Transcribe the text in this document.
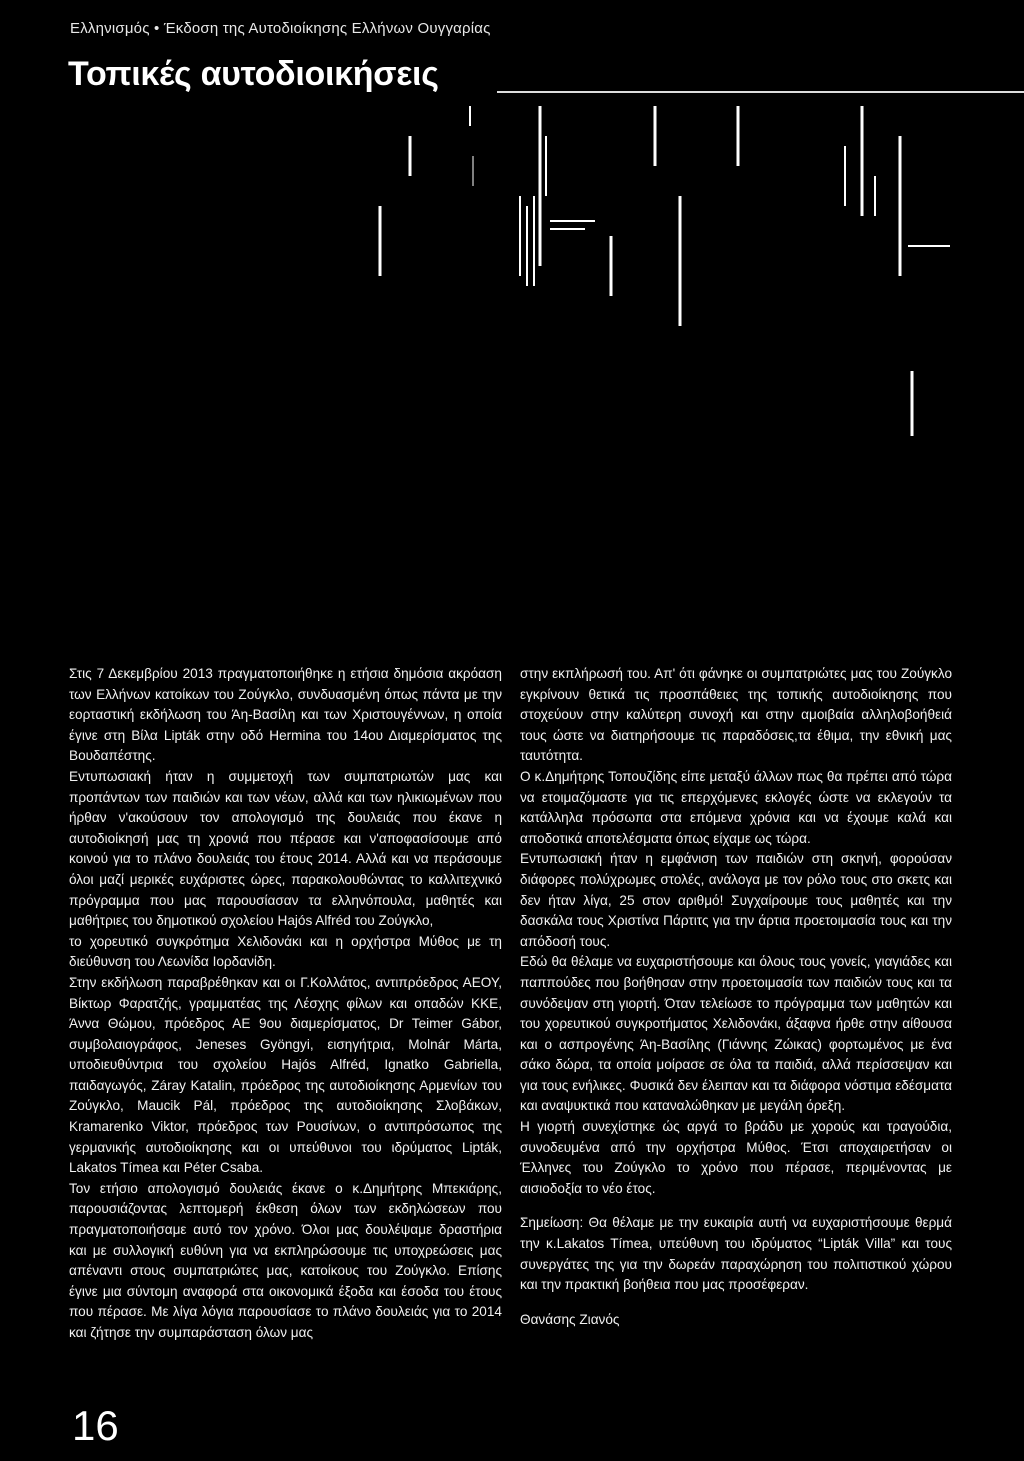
Ελληνισμός • Έκδοση της Αυτοδιοίκησης Ελλήνων Ουγγαρίας
Τοπικές αυτοδιοικήσεις

Στις 7 Δεκεμβρίου 2013 πραγματοποιήθηκε η ετήσια δημόσια ακρόαση των Ελλήνων κατοίκων του Ζούγκλο, συνδυασμένη όπως πάντα με την εορταστική εκδήλωση του Άη-Βασίλη και των Χριστουγέννων, η οποία έγινε στη Βίλα Lipták στην οδό Hermina του 14ου Διαμερίσματος της Βουδαπέστης.

Εντυπωσιακή ήταν η συμμετοχή των συμπατριωτών μας και προπάντων των παιδιών και των νέων, αλλά και των ηλικιωμένων που ήρθαν ν'ακούσουν τον απολογισμό της δουλειάς που έκανε η αυτοδιοίκησή μας τη χρονιά που πέρασε και ν'αποφασίσουμε από κοινού για το πλάνο δουλειάς του έτους 2014. Αλλά και να περάσουμε όλοι μαζί μερικές ευχάριστες ώρες, παρακολουθώντας το καλλιτεχνικό πρόγραμμα που μας παρουσίασαν τα ελληνόπουλα, μαθητές και μαθήτριες του δημοτικού σχολείου Hajós Alfréd του Ζούγκλο,

το χορευτικό συγκρότημα Χελιδονάκι και η ορχήστρα Μύθος με τη διεύθυνση του Λεωνίδα Ιορδανίδη.

Στην εκδήλωση παραβρέθηκαν και οι Γ.Κολλάτος, αντιπρόεδρος ΑΕΟΥ, Βίκτωρ Φαρατζής, γραμματέας της Λέσχης φίλων και οπαδών ΚΚΕ, Άννα Θώμου, πρόεδρος ΑΕ 9ου διαμερίσματος, Dr Teimer Gábor, συμβολαιογράφος, Jeneses Gyöngyi, εισηγήτρια, Molnár Márta, υποδιευθύντρια του σχολείου Hajós Alfréd, Ignatko Gabriella, παιδαγωγός, Záray Katalin, πρόεδρος της αυτοδιοίκησης Αρμενίων του Ζούγκλο, Maucik Pál, πρόεδρος της αυτοδιοίκησης Σλοβάκων, Kramarenko Viktor, πρόεδρος των Ρουσίνων, ο αντιπρόσωπος της γερμανικής αυτοδιοίκησης και οι υπεύθυνοι του ιδρύματος Lipták, Lakatos Tímea και Péter Csaba.

Τον ετήσιο απολογισμό δουλειάς έκανε ο κ.Δημήτρης Μπεκιάρης, παρουσιάζοντας λεπτομερή έκθεση όλων των εκδηλώσεων που πραγματοποιήσαμε αυτό τον χρόνο. Όλοι μας δουλέψαμε δραστήρια και με συλλογική ευθύνη για να εκπληρώσουμε τις υποχρεώσεις μας απέναντι στους συμπατριώτες μας, κατοίκους του Ζούγκλο. Επίσης έγινε μια σύντομη αναφορά στα οικονομικά έξοδα και έσοδα του έτους που πέρασε. Με λίγα λόγια παρουσίασε το πλάνο δουλειάς για το 2014 και ζήτησε την συμπαράσταση όλων μας

στην εκπλήρωσή του. Απ' ότι φάνηκε οι συμπατριώτες μας του Ζούγκλο εγκρίνουν θετικά τις προσπάθειες της τοπικής αυτοδιοίκησης που στοχεύουν στην καλύτερη συνοχή και στην αμοιβαία αλληλοβοήθειά τους ώστε να διατηρήσουμε τις παραδόσεις,τα έθιμα, την εθνική μας ταυτότητα.

Ο κ.Δημήτρης Τοπουζίδης είπε μεταξύ άλλων πως θα πρέπει από τώρα να ετοιμαζόμαστε για τις επερχόμενες εκλογές ώστε να εκλεγούν τα κατάλληλα πρόσωπα στα επόμενα χρόνια και να έχουμε καλά και αποδοτικά αποτελέσματα όπως είχαμε ως τώρα.

Εντυπωσιακή ήταν η εμφάνιση των παιδιών στη σκηνή, φορούσαν διάφορες πολύχρωμες στολές, ανάλογα με τον ρόλο τους στο σκετς και δεν ήταν λίγα, 25 στον αριθμό! Συγχαίρουμε τους μαθητές και την δασκάλα τους Χριστίνα Πάρτιτς για την άρτια προετοιμασία τους και την απόδοσή τους.

Εδώ θα θέλαμε να ευχαριστήσουμε και όλους τους γονείς, γιαγιάδες και παππούδες που βοήθησαν στην προετοιμασία των παιδιών τους και τα συνόδεψαν στη γιορτή. Όταν τελείωσε το πρόγραμμα των μαθητών και του χορευτικού συγκροτήματος Χελιδονάκι, άξαφνα ήρθε στην αίθουσα και ο ασπρογένης Άη-Βασίλης (Γιάννης Ζώικας) φορτωμένος με ένα σάκο δώρα, τα οποία μοίρασε σε όλα τα παιδιά, αλλά περίσσεψαν και για τους ενήλικες. Φυσικά δεν έλειπαν και τα διάφορα νόστιμα εδέσματα και αναψυκτικά που καταναλώθηκαν με μεγάλη όρεξη.

Η γιορτή συνεχίστηκε ώς αργά το βράδυ με χορούς και τραγούδια, συνοδευμένα από την ορχήστρα Μύθος. Έτσι αποχαιρετήσαν οι Έλληνες του Ζούγκλο το χρόνο που πέρασε, περιμένοντας με αισιοδοξία το νέο έτος.

Σημείωση: Θα θέλαμε με την ευκαιρία αυτή να ευχαριστήσουμε θερμά την κ.Lakatos Tímea, υπεύθυνη του ιδρύματος “Lipták Villa” και τους συνεργάτες της για την δωρεάν παραχώρηση του πολιτιστικού χώρου και την πρακτική βοήθεια που μας προσέφεραν.

Θανάσης Ζιανός

16
